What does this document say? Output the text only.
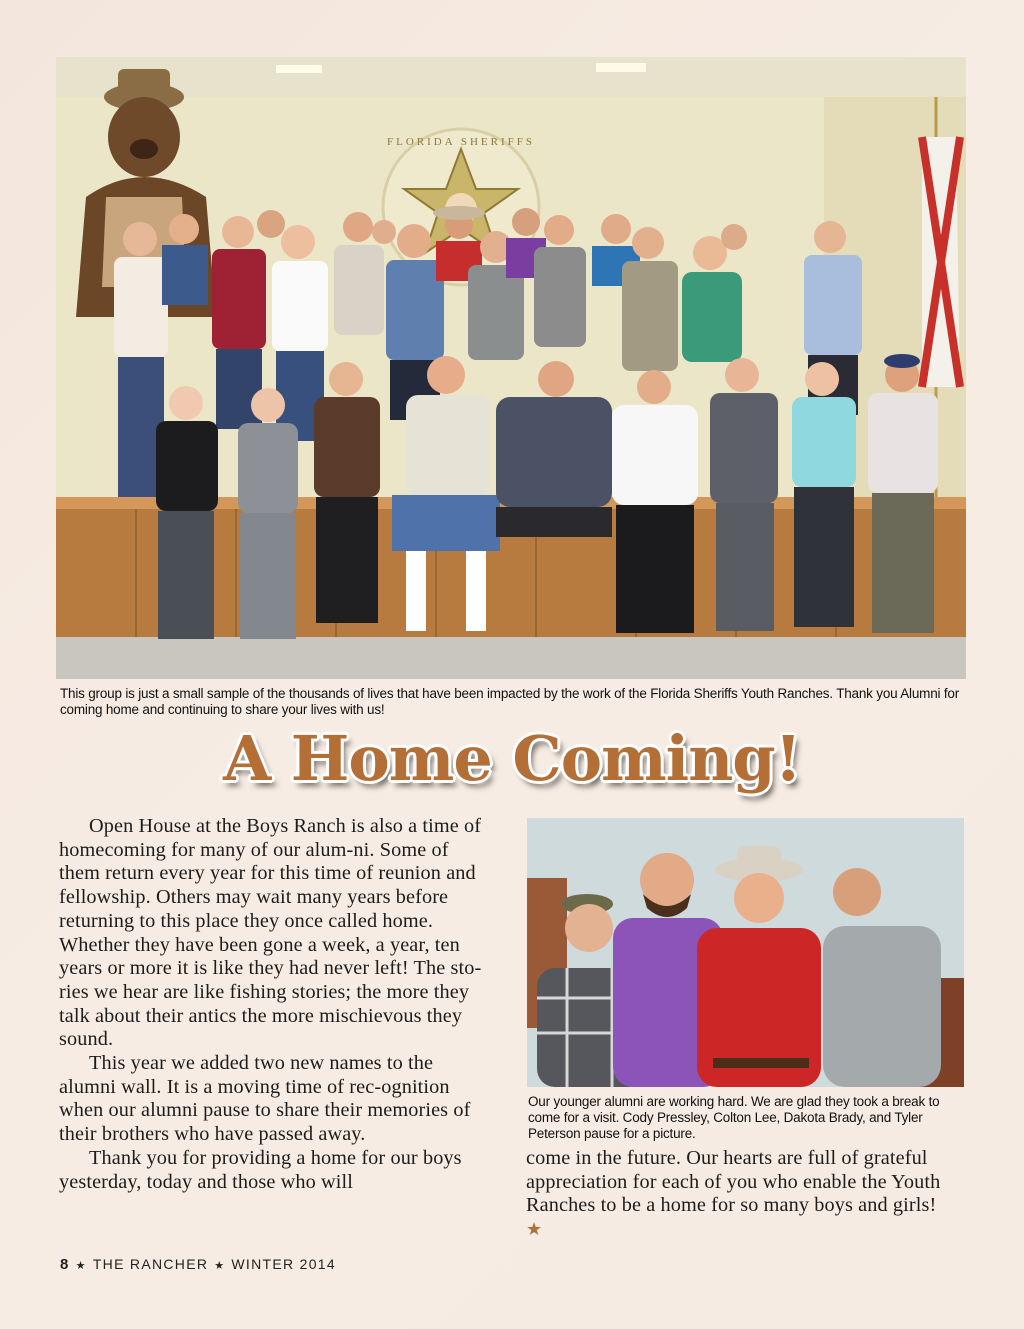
FLORIDA SHERIFFS
This group is just a small sample of the thousands of lives that have been impacted by the work of the Florida Sheriffs Youth Ranches. Thank you Alumni for coming home and continuing to share your lives with us!
A Home Coming!

Open House at the Boys Ranch is also a time of homecoming for many of our alum-ni. Some of them return every year for this time of reunion and fellowship. Others may wait many years before returning to this place they once called home. Whether they have been gone a week, a year, ten years or more it is like they had never left! The sto-ries we hear are like fishing stories; the more they talk about their antics the more mischievous they sound.

This year we added two new names to the alumni wall. It is a moving time of rec-ognition when our alumni pause to share their memories of their brothers who have passed away.

Thank you for providing a home for our boys yesterday, today and those who will

Our younger alumni are working hard. We are glad they took a break to come for a visit. Cody Pressley, Colton Lee, Dakota Brady, and Tyler Peterson pause for a picture.

come in the future. Our hearts are full of grateful appreciation for each of you who enable the Youth Ranches to be a home for so many boys and girls! ★

8 ★ THE RANCHER ★ WINTER 2014
